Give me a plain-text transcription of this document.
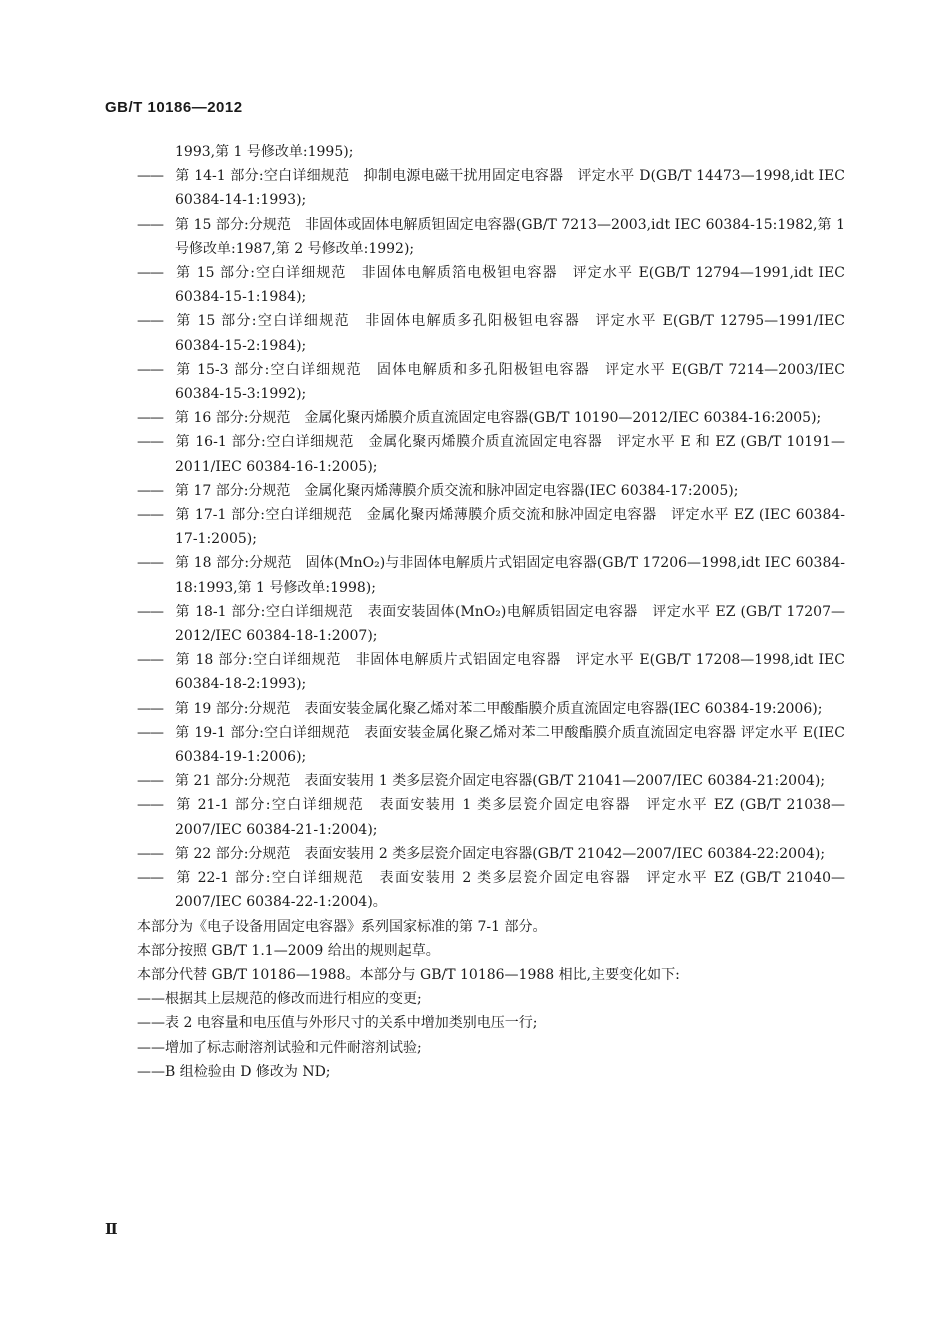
GB/T 10186—2012
1993,第 1 号修改单:1995);
—— 第 14-1 部分:空白详细规范　抑制电源电磁干扰用固定电容器　评定水平 D(GB/T 14473—1998,idt IEC 60384-14-1:1993);
—— 第 15 部分:分规范　非固体或固体电解质钽固定电容器(GB/T 7213—2003,idt IEC 60384-15:1982,第 1 号修改单:1987,第 2 号修改单:1992);
—— 第 15 部分:空白详细规范　非固体电解质箔电极钽电容器　评定水平 E(GB/T 12794—1991,idt IEC 60384-15-1:1984);
—— 第 15 部分:空白详细规范　非固体电解质多孔阳极钽电容器　评定水平 E(GB/T 12795—1991/IEC 60384-15-2:1984);
—— 第 15-3 部分:空白详细规范　固体电解质和多孔阳极钽电容器　评定水平 E(GB/T 7214—2003/IEC 60384-15-3:1992);
—— 第 16 部分:分规范　金属化聚丙烯膜介质直流固定电容器(GB/T 10190—2012/IEC 60384-16:2005);
—— 第 16-1 部分:空白详细规范　金属化聚丙烯膜介质直流固定电容器　评定水平 E 和 EZ (GB/T 10191—2011/IEC 60384-16-1:2005);
—— 第 17 部分:分规范　金属化聚丙烯薄膜介质交流和脉冲固定电容器(IEC 60384-17:2005);
—— 第 17-1 部分:空白详细规范　金属化聚丙烯薄膜介质交流和脉冲固定电容器　评定水平 EZ (IEC 60384-17-1:2005);
—— 第 18 部分:分规范　固体(MnO₂)与非固体电解质片式铝固定电容器(GB/T 17206—1998,idt IEC 60384-18:1993,第 1 号修改单:1998);
—— 第 18-1 部分:空白详细规范　表面安装固体(MnO₂)电解质铝固定电容器　评定水平 EZ (GB/T 17207—2012/IEC 60384-18-1:2007);
—— 第 18 部分:空白详细规范　非固体电解质片式铝固定电容器　评定水平 E(GB/T 17208—1998,idt IEC 60384-18-2:1993);
—— 第 19 部分:分规范　表面安装金属化聚乙烯对苯二甲酸酯膜介质直流固定电容器(IEC 60384-19:2006);
—— 第 19-1 部分:空白详细规范　表面安装金属化聚乙烯对苯二甲酸酯膜介质直流固定电容器 评定水平 E(IEC 60384-19-1:2006);
—— 第 21 部分:分规范　表面安装用 1 类多层瓷介固定电容器(GB/T 21041—2007/IEC 60384-21:2004);
—— 第 21-1 部分:空白详细规范　表面安装用 1 类多层瓷介固定电容器　评定水平 EZ (GB/T 21038—2007/IEC 60384-21-1:2004);
—— 第 22 部分:分规范　表面安装用 2 类多层瓷介固定电容器(GB/T 21042—2007/IEC 60384-22:2004);
—— 第 22-1 部分:空白详细规范　表面安装用 2 类多层瓷介固定电容器　评定水平 EZ (GB/T 21040—2007/IEC 60384-22-1:2004)。
本部分为《电子设备用固定电容器》系列国家标准的第 7-1 部分。
本部分按照 GB/T 1.1—2009 给出的规则起草。
本部分代替 GB/T 10186—1988。本部分与 GB/T 10186—1988 相比,主要变化如下:
——根据其上层规范的修改而进行相应的变更;
——表 2 电容量和电压值与外形尺寸的关系中增加类别电压一行;
——增加了标志耐溶剂试验和元件耐溶剂试验;
——B 组检验由 D 修改为 ND;
Ⅱ
